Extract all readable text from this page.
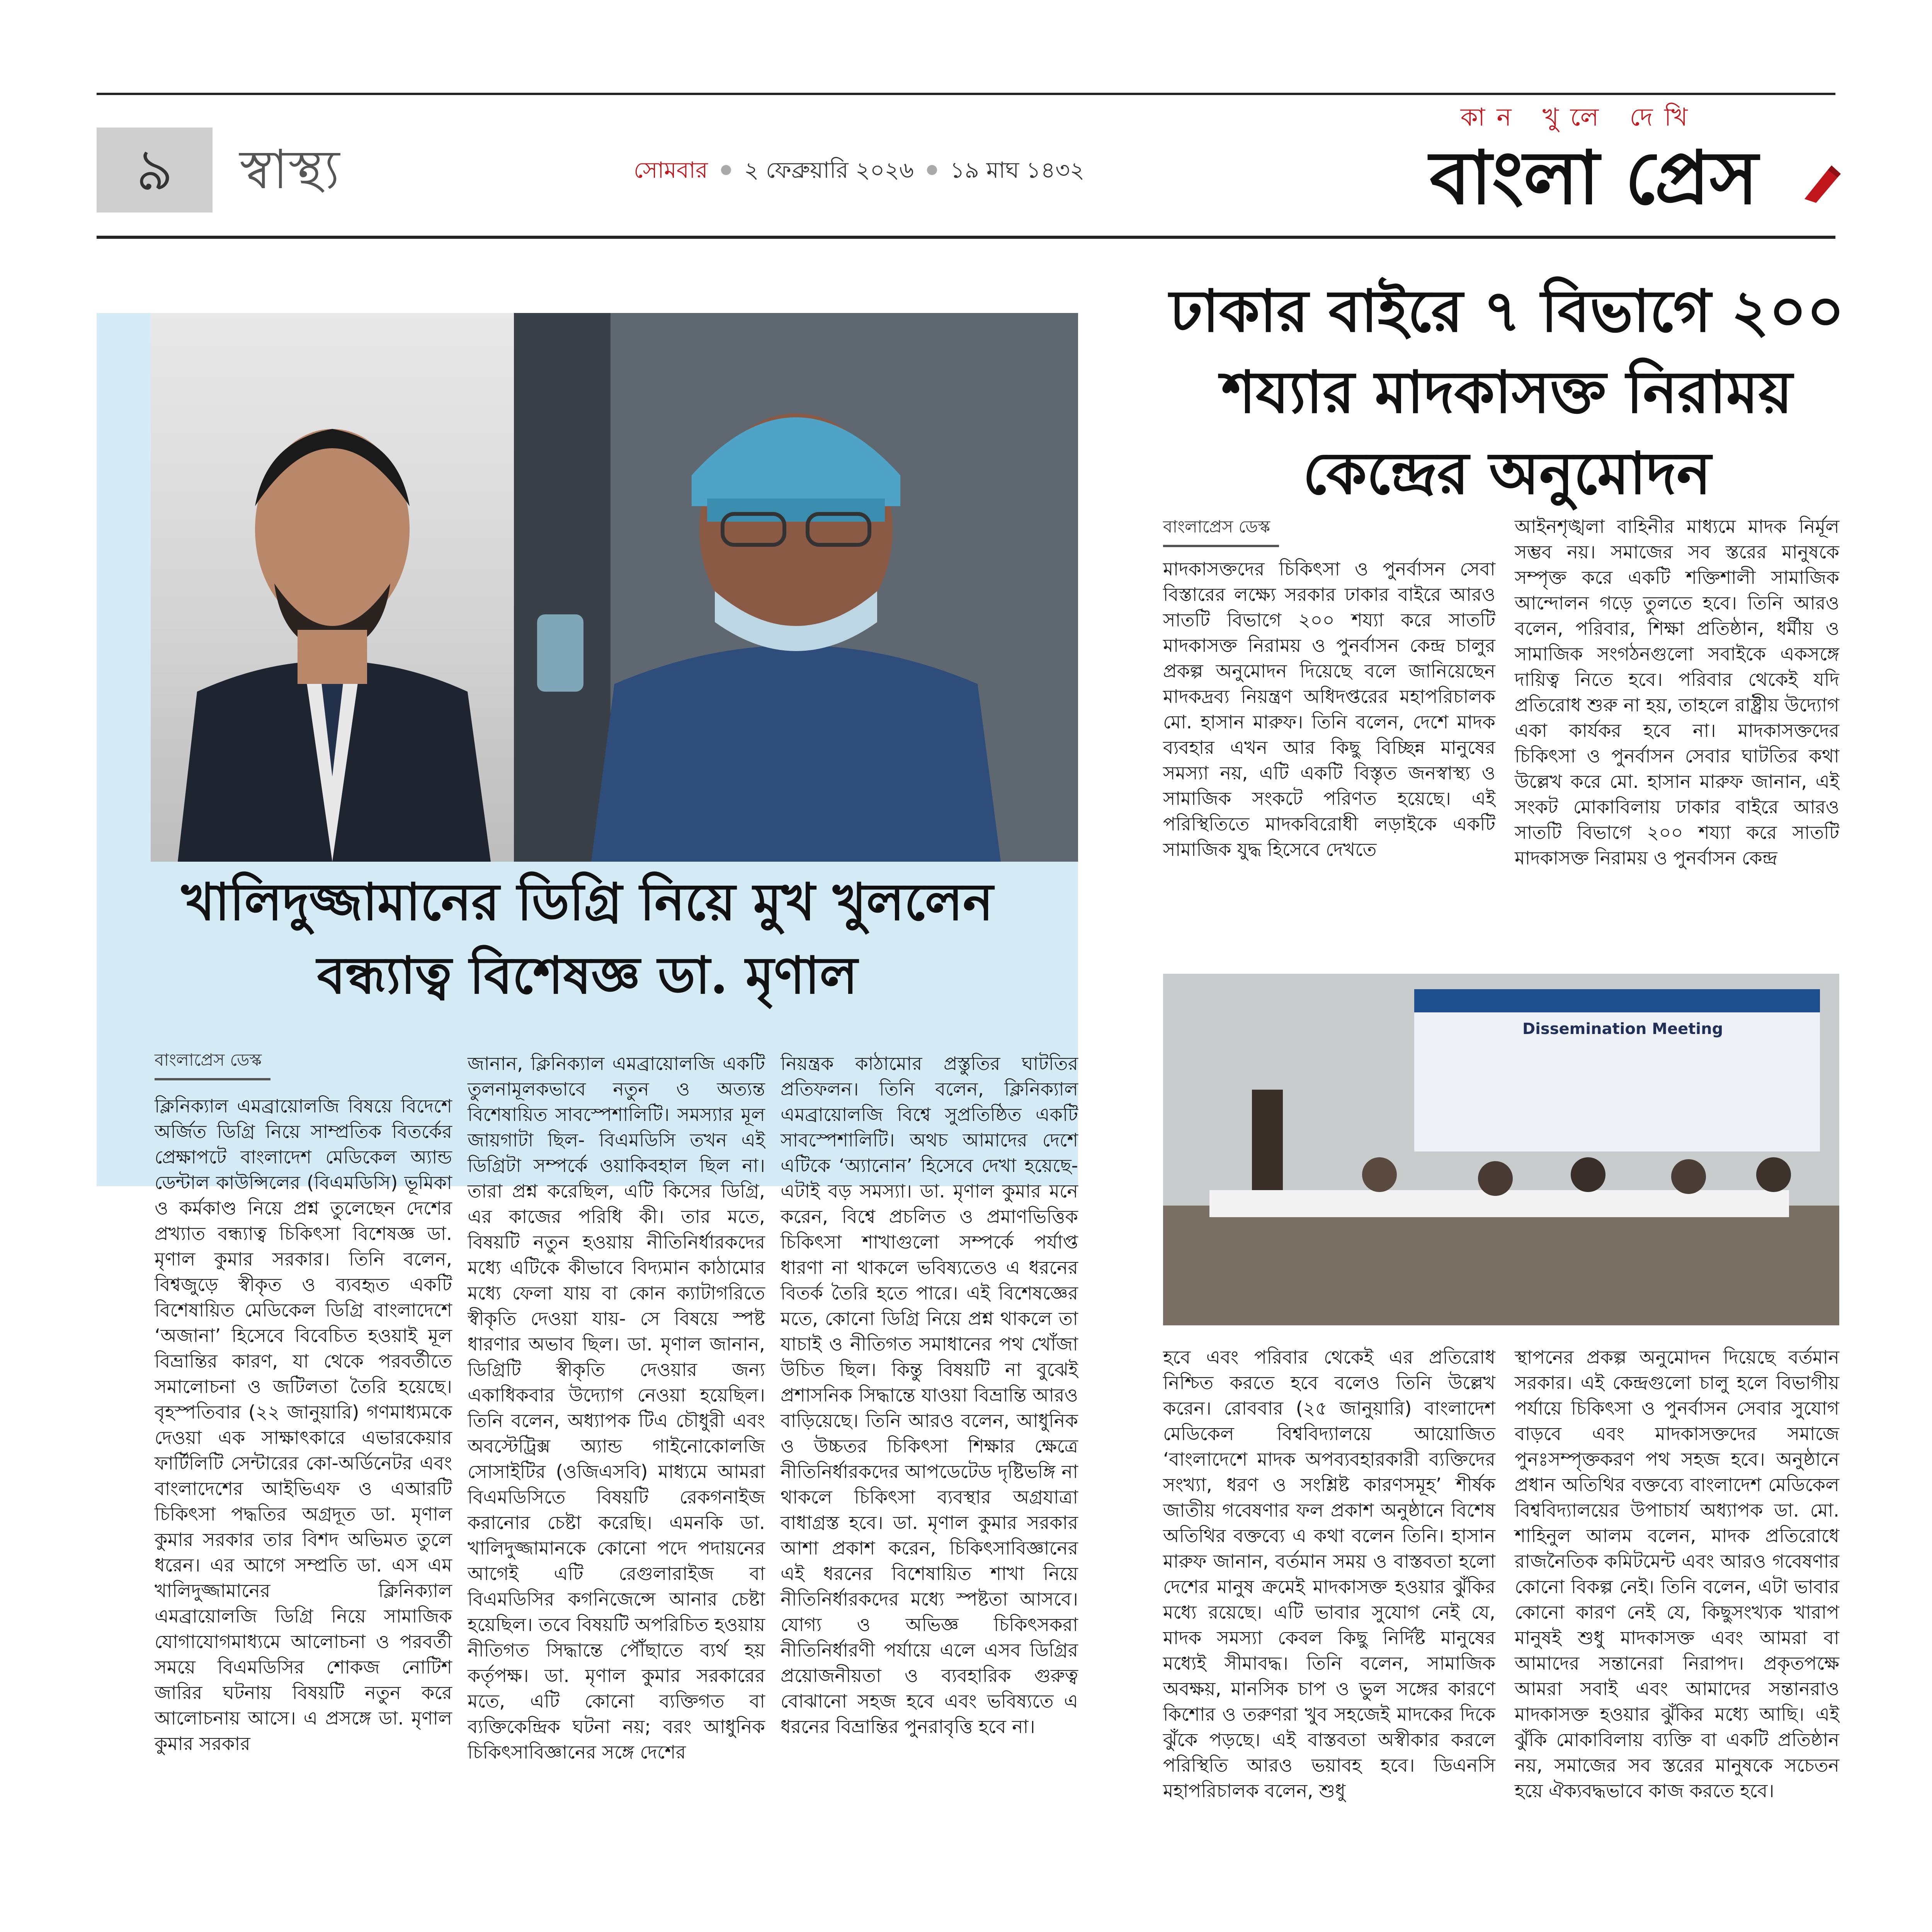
৯	স্বাস্থ্য	সোমবার ২ ফেব্রুয়ারি ২০২৬ ১৯ মাঘ ১৪৩২
কান খুলে দেখি
বাংলা প্রেস
খালিদুজ্জামানের ডিগ্রি নিয়ে মুখ খুললেন
বন্ধ্যাত্ব বিশেষজ্ঞ ডা. মৃণাল
বাংলাপ্রেস ডেস্ক
ক্লিনিক্যাল এমব্রায়োলজি বিষয়ে বিদেশে অর্জিত ডিগ্রি নিয়ে সাম্প্রতিক বিতর্কের প্রেক্ষাপটে বাংলাদেশ মেডিকেল অ্যান্ড ডেন্টাল কাউন্সিলের (বিএমডিসি) ভূমিকা ও কর্মকাণ্ড নিয়ে প্রশ্ন তুলেছেন দেশের প্রখ্যাত বন্ধ্যাত্ব চিকিৎসা বিশেষজ্ঞ ডা. মৃণাল কুমার সরকার। তিনি বলেন, বিশ্বজুড়ে স্বীকৃত ও ব্যবহৃত একটি বিশেষায়িত মেডিকেল ডিগ্রি বাংলাদেশে ‘অজানা’ হিসেবে বিবেচিত হওয়াই মূল বিভ্রান্তির কারণ, যা থেকে পরবর্তীতে সমালোচনা ও জটিলতা তৈরি হয়েছে। বৃহস্পতিবার (২২ জানুয়ারি) গণমাধ্যমকে দেওয়া এক সাক্ষাৎকারে এভারকেয়ার ফার্টিলিটি সেন্টারের কো-অর্ডিনেটর এবং বাংলাদেশের আইভিএফ ও এআরটি চিকিৎসা পদ্ধতির অগ্রদূত ডা. মৃণাল কুমার সরকার তার বিশদ অভিমত তুলে ধরেন। এর আগে সম্প্রতি ডা. এস এম খালিদুজ্জামানের ক্লিনিক্যাল এমব্রায়োলজি ডিগ্রি নিয়ে সামাজিক যোগাযোগমাধ্যমে আলোচনা ও পরবর্তী সময়ে বিএমডিসির শোকজ নোটিশ জারির ঘটনায় বিষয়টি নতুন করে আলোচনায় আসে। এ প্রসঙ্গে ডা. মৃণাল কুমার সরকার
জানান, ক্লিনিক্যাল এমব্রায়োলজি একটি তুলনামূলকভাবে নতুন ও অত্যন্ত বিশেষায়িত সাবস্পেশালিটি। সমস্যার মূল জায়গাটা ছিল- বিএমডিসি তখন এই ডিগ্রিটা সম্পর্কে ওয়াকিবহাল ছিল না। তারা প্রশ্ন করেছিল, এটি কিসের ডিগ্রি, এর কাজের পরিধি কী। তার মতে, বিষয়টি নতুন হওয়ায় নীতিনির্ধারকদের মধ্যে এটিকে কীভাবে বিদ্যমান কাঠামোর মধ্যে ফেলা যায় বা কোন ক্যাটাগরিতে স্বীকৃতি দেওয়া যায়- সে বিষয়ে স্পষ্ট ধারণার অভাব ছিল। ডা. মৃণাল জানান, ডিগ্রিটি স্বীকৃতি দেওয়ার জন্য একাধিকবার উদ্যোগ নেওয়া হয়েছিল। তিনি বলেন, অধ্যাপক টিএ চৌধুরী এবং অবস্টেট্রিক্স অ্যান্ড গাইনোকোলজি সোসাইটির (ওজিএসবি) মাধ্যমে আমরা বিএমডিসিতে বিষয়টি রেকগনাইজ করানোর চেষ্টা করেছি। এমনকি ডা. খালিদুজ্জামানকে কোনো পদে পদায়নের আগেই এটি রেগুলারাইজ বা বিএমডিসির কগনিজেন্সে আনার চেষ্টা হয়েছিল। তবে বিষয়টি অপরিচিত হওয়ায় নীতিগত সিদ্ধান্তে পৌঁছাতে ব্যর্থ হয় কর্তৃপক্ষ। ডা. মৃণাল কুমার সরকারের মতে, এটি কোনো ব্যক্তিগত বা ব্যক্তিকেন্দ্রিক ঘটনা নয়; বরং আধুনিক চিকিৎসাবিজ্ঞানের সঙ্গে দেশের
নিয়ন্ত্রক কাঠামোর প্রস্তুতির ঘাটতির প্রতিফলন। তিনি বলেন, ক্লিনিক্যাল এমব্রায়োলজি বিশ্বে সুপ্রতিষ্ঠিত একটি সাবস্পেশালিটি। অথচ আমাদের দেশে এটিকে ‘অ্যানোন’ হিসেবে দেখা হয়েছে- এটাই বড় সমস্যা। ডা. মৃণাল কুমার মনে করেন, বিশ্বে প্রচলিত ও প্রমাণভিত্তিক চিকিৎসা শাখাগুলো সম্পর্কে পর্যাপ্ত ধারণা না থাকলে ভবিষ্যতেও এ ধরনের বিতর্ক তৈরি হতে পারে। এই বিশেষজ্ঞের মতে, কোনো ডিগ্রি নিয়ে প্রশ্ন থাকলে তা যাচাই ও নীতিগত সমাধানের পথ খোঁজা উচিত ছিল। কিন্তু বিষয়টি না বুঝেই প্রশাসনিক সিদ্ধান্তে যাওয়া বিভ্রান্তি আরও বাড়িয়েছে। তিনি আরও বলেন, আধুনিক ও উচ্চতর চিকিৎসা শিক্ষার ক্ষেত্রে নীতিনির্ধারকদের আপডেটেড দৃষ্টিভঙ্গি না থাকলে চিকিৎসা ব্যবস্থার অগ্রযাত্রা বাধাগ্রস্ত হবে। ডা. মৃণাল কুমার সরকার আশা প্রকাশ করেন, চিকিৎসাবিজ্ঞানের এই ধরনের বিশেষায়িত শাখা নিয়ে নীতিনির্ধারকদের মধ্যে স্পষ্টতা আসবে। যোগ্য ও অভিজ্ঞ চিকিৎসকরা নীতিনির্ধারণী পর্যায়ে এলে এসব ডিগ্রির প্রয়োজনীয়তা ও ব্যবহারিক গুরুত্ব বোঝানো সহজ হবে এবং ভবিষ্যতে এ ধরনের বিভ্রান্তির পুনরাবৃত্তি হবে না।
ঢাকার বাইরে ৭ বিভাগে ২০০
শয্যার মাদকাসক্ত নিরাময়
কেন্দ্রের অনুমোদন
বাংলাপ্রেস ডেস্ক
মাদকাসক্তদের চিকিৎসা ও পুনর্বাসন সেবা বিস্তারের লক্ষ্যে সরকার ঢাকার বাইরে আরও সাতটি বিভাগে ২০০ শয্যা করে সাতটি মাদকাসক্ত নিরাময় ও পুনর্বাসন কেন্দ্র চালুর প্রকল্প অনুমোদন দিয়েছে বলে জানিয়েছেন মাদকদ্রব্য নিয়ন্ত্রণ অধিদপ্তরের মহাপরিচালক মো. হাসান মারুফ। তিনি বলেন, দেশে মাদক ব্যবহার এখন আর কিছু বিচ্ছিন্ন মানুষের সমস্যা নয়, এটি একটি বিস্তৃত জনস্বাস্থ্য ও সামাজিক সংকটে পরিণত হয়েছে। এই পরিস্থিতিতে মাদকবিরোধী লড়াইকে একটি সামাজিক যুদ্ধ হিসেবে দেখতে
আইনশৃঙ্খলা বাহিনীর মাধ্যমে মাদক নির্মূল সম্ভব নয়। সমাজের সব স্তরের মানুষকে সম্পৃক্ত করে একটি শক্তিশালী সামাজিক আন্দোলন গড়ে তুলতে হবে। তিনি আরও বলেন, পরিবার, শিক্ষা প্রতিষ্ঠান, ধর্মীয় ও সামাজিক সংগঠনগুলো সবাইকে একসঙ্গে দায়িত্ব নিতে হবে। পরিবার থেকেই যদি প্রতিরোধ শুরু না হয়, তাহলে রাষ্ট্রীয় উদ্যোগ একা কার্যকর হবে না। মাদকাসক্তদের চিকিৎসা ও পুনর্বাসন সেবার ঘাটতির কথা উল্লেখ করে মো. হাসান মারুফ জানান, এই সংকট মোকাবিলায় ঢাকার বাইরে আরও সাতটি বিভাগে ২০০ শয্যা করে সাতটি মাদকাসক্ত নিরাময় ও পুনর্বাসন কেন্দ্র
Dissemination Meeting
হবে এবং পরিবার থেকেই এর প্রতিরোধ নিশ্চিত করতে হবে বলেও তিনি উল্লেখ করেন। রোববার (২৫ জানুয়ারি) বাংলাদেশ মেডিকেল বিশ্ববিদ্যালয়ে আয়োজিত ‘বাংলাদেশে মাদক অপব্যবহারকারী ব্যক্তিদের সংখ্যা, ধরণ ও সংশ্লিষ্ট কারণসমূহ’ শীর্ষক জাতীয় গবেষণার ফল প্রকাশ অনুষ্ঠানে বিশেষ অতিথির বক্তব্যে এ কথা বলেন তিনি। হাসান মারুফ জানান, বর্তমান সময় ও বাস্তবতা হলো দেশের মানুষ ক্রমেই মাদকাসক্ত হওয়ার ঝুঁকির মধ্যে রয়েছে। এটি ভাবার সুযোগ নেই যে, মাদক সমস্যা কেবল কিছু নির্দিষ্ট মানুষের মধ্যেই সীমাবদ্ধ। তিনি বলেন, সামাজিক অবক্ষয়, মানসিক চাপ ও ভুল সঙ্গের কারণে কিশোর ও তরুণরা খুব সহজেই মাদকের দিকে ঝুঁকে পড়ছে। এই বাস্তবতা অস্বীকার করলে পরিস্থিতি আরও ভয়াবহ হবে। ডিএনসি মহাপরিচালক বলেন, শুধু
স্থাপনের প্রকল্প অনুমোদন দিয়েছে বর্তমান সরকার। এই কেন্দ্রগুলো চালু হলে বিভাগীয় পর্যায়ে চিকিৎসা ও পুনর্বাসন সেবার সুযোগ বাড়বে এবং মাদকাসক্তদের সমাজে পুনঃসম্পৃক্তকরণ পথ সহজ হবে। অনুষ্ঠানে প্রধান অতিথির বক্তব্যে বাংলাদেশ মেডিকেল বিশ্ববিদ্যালয়ের উপাচার্য অধ্যাপক ডা. মো. শাহিনুল আলম বলেন, মাদক প্রতিরোধে রাজনৈতিক কমিটমেন্ট এবং আরও গবেষণার কোনো বিকল্প নেই। তিনি বলেন, এটা ভাবার কোনো কারণ নেই যে, কিছুসংখ্যক খারাপ মানুষই শুধু মাদকাসক্ত এবং আমরা বা আমাদের সন্তানেরা নিরাপদ। প্রকৃতপক্ষে আমরা সবাই এবং আমাদের সন্তানরাও মাদকাসক্ত হওয়ার ঝুঁকির মধ্যে আছি। এই ঝুঁকি মোকাবিলায় ব্যক্তি বা একটি প্রতিষ্ঠান নয়, সমাজের সব স্তরের মানুষকে সচেতন হয়ে ঐক্যবদ্ধভাবে কাজ করতে হবে।
